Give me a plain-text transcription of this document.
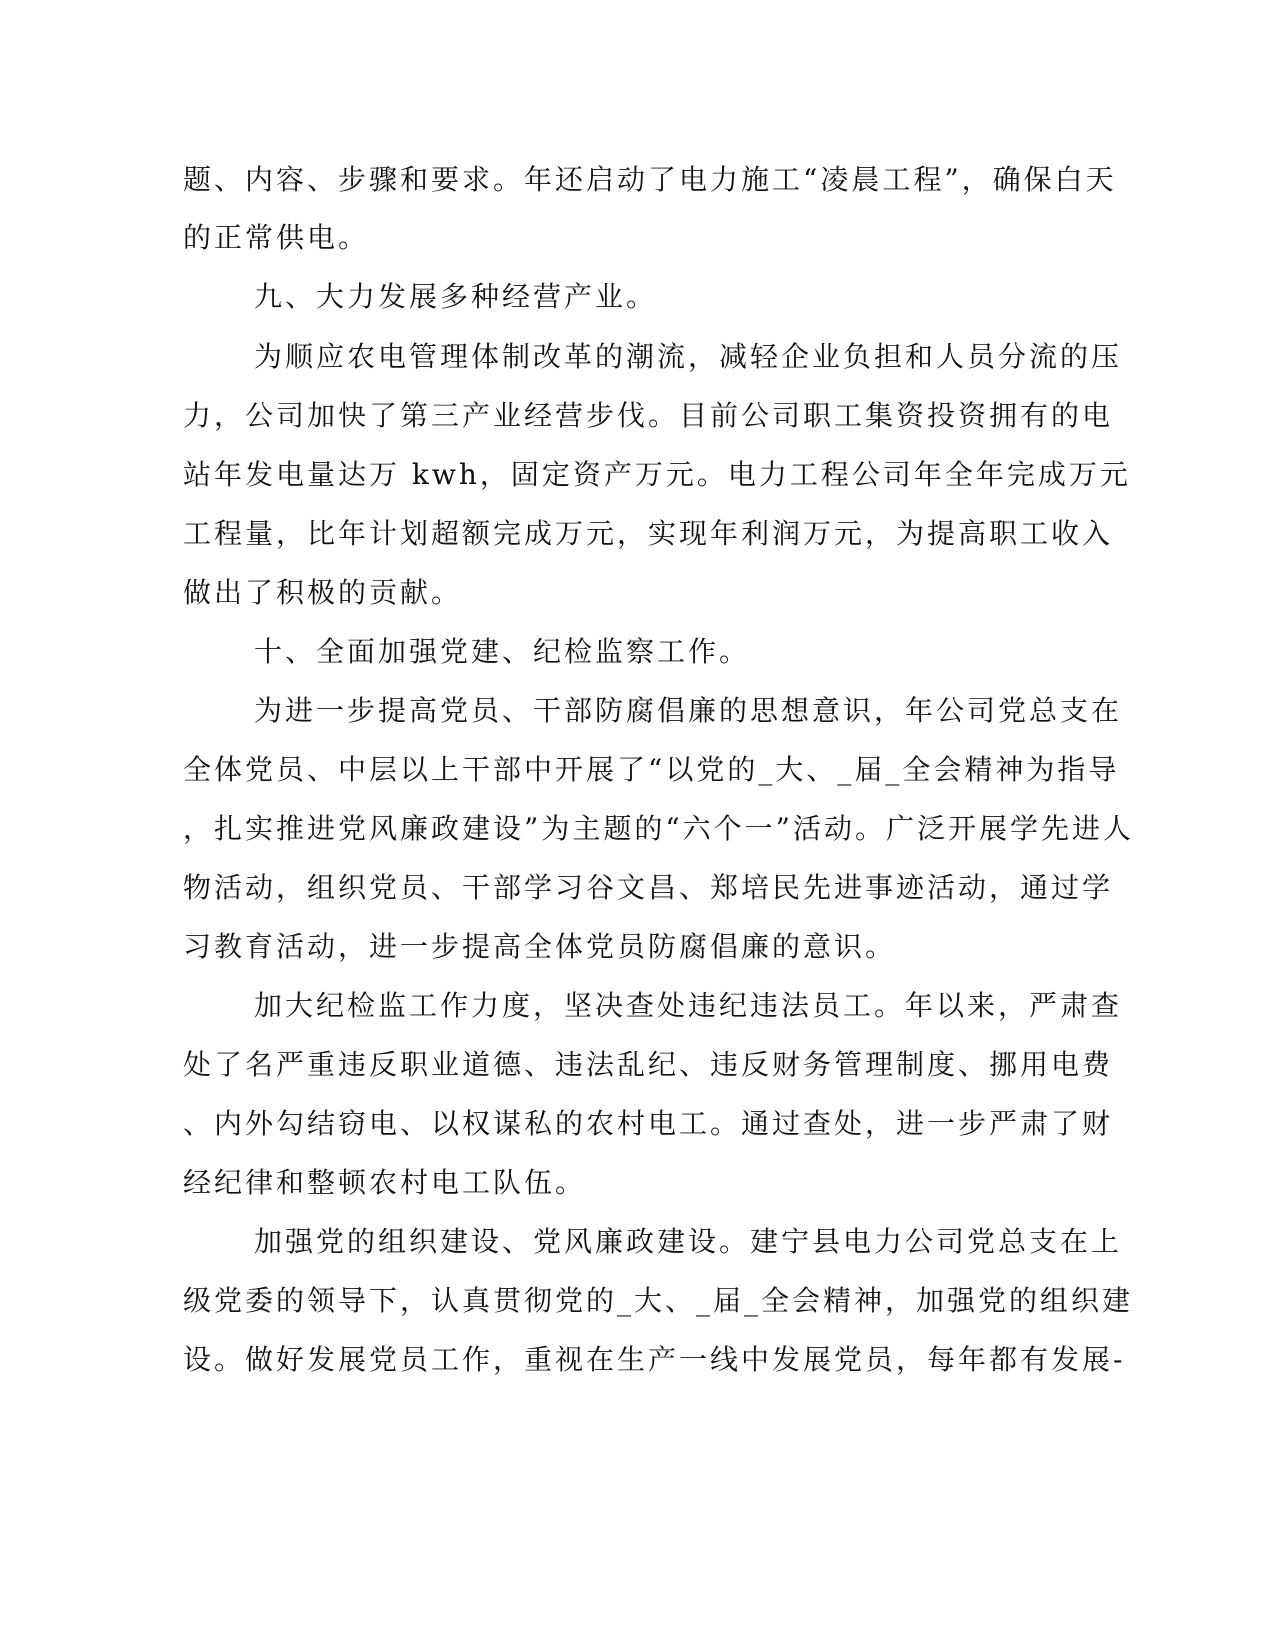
题、内容、步骤和要求。年还启动了电力施工“凌晨工程”，确保白天
的正常供电。
九、大力发展多种经营产业。
为顺应农电管理体制改革的潮流，减轻企业负担和人员分流的压
力，公司加快了第三产业经营步伐。目前公司职工集资投资拥有的电
站年发电量达万 kwh，固定资产万元。电力工程公司年全年完成万元
工程量，比年计划超额完成万元，实现年利润万元，为提高职工收入
做出了积极的贡献。
十、全面加强党建、纪检监察工作。
为进一步提高党员、干部防腐倡廉的思想意识，年公司党总支在
全体党员、中层以上干部中开展了“以党的_大、_届_全会精神为指导
，扎实推进党风廉政建设”为主题的“六个一”活动。广泛开展学先进人
物活动，组织党员、干部学习谷文昌、郑培民先进事迹活动，通过学
习教育活动，进一步提高全体党员防腐倡廉的意识。
加大纪检监工作力度，坚决查处违纪违法员工。年以来，严肃查
处了名严重违反职业道德、违法乱纪、违反财务管理制度、挪用电费
、内外勾结窃电、以权谋私的农村电工。通过查处，进一步严肃了财
经纪律和整顿农村电工队伍。
加强党的组织建设、党风廉政建设。建宁县电力公司党总支在上
级党委的领导下，认真贯彻党的_大、_届_全会精神，加强党的组织建
设。做好发展党员工作，重视在生产一线中发展党员，每年都有发展-
